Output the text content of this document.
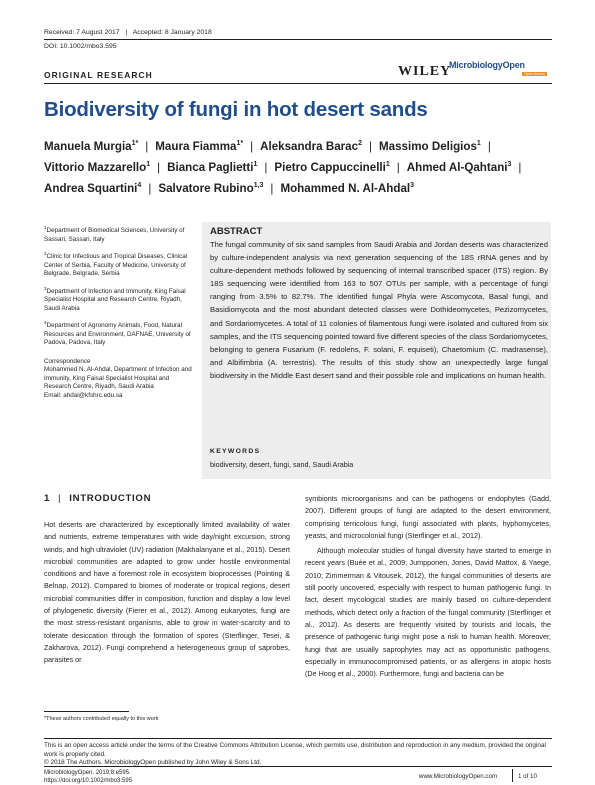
Received: 7 August 2017 | Accepted: 8 January 2018
DOI: 10.1002/mbo3.595
ORIGINAL RESEARCH	WILEY
MicrobiologyOpen
Open Access
Biodiversity of fungi in hot desert sands
Manuela Murgia$^{1*}$ | Maura Fiamma$^{1*}$ | Aleksandra Barac$^2$ | Massimo Deligios$^1$ |
Vittorio Mazzarello$^1$ | Bianca Paglietti$^1$ | Pietro Cappuccinelli$^1$ | Ahmed Al-Qahtani$^3$ |
Andrea Squartini$^4$ | Salvatore Rubino$^{1,3}$ | Mohammed N. Al-Ahdal$^3$
$^1$Department of Biomedical Sciences, University of Sassari, Sassari, Italy
$^2$Clinic for Infectious and Tropical Diseases, Clinical Center of Serbia, Faculty of Medicine, University of Belgrade, Belgrade, Serbia
$^3$Department of Infection and Immunity, King Faisal Specialist Hospital and Research Centre, Riyadh, Saudi Arabia
$^4$Department of Agronomy Animals, Food, Natural Resources and Environment, DAFNAE, University of Padova, Padova, Italy
Correspondence
Mohammed N. Al-Ahdal, Department of Infection and Immunity, King Faisal Specialist Hospital and Research Centre, Riyadh, Saudi Arabia
Email: ahdal@kfshrc.edu.sa
ABSTRACT
The fungal community of six sand samples from Saudi Arabia and Jordan deserts was characterized by culture-independent analysis via next generation sequencing of the 18S rRNA genes and by culture-dependent methods followed by sequencing of internal transcribed spacer (ITS) region. By 18S sequencing were identified from 163 to 507 OTUs per sample, with a percentage of fungi ranging from 3.5% to 82.7%. The identified fungal Phyla were Ascomycota, Basal fungi, and Basidiomycota and the most abundant detected classes were Dothideomycetes, Pezizomycetes, and Sordariomycetes. A total of 11 colonies of filamentous fungi were isolated and cultured from six samples, and the ITS sequencing pointed toward five different species of the class Sordariomycetes, belonging to genera Fusarium (F. redolens, F. solani, F. equiseti), Chaetomium (C. madrasense), and Albifimbria (A. terrestris). The results of this study show an unexpectedly large fungal biodiversity in the Middle East desert sand and their possible role and implications on human health.
KEYWORDS
biodiversity, desert, fungi, sand, Saudi Arabia
1 | INTRODUCTION

Hot deserts are characterized by exceptionally limited availability of water and nutrients, extreme temperatures with wide day/night excursion, strong winds, and high ultraviolet (UV) radiation (Makhalanyane et al., 2015). Desert microbial communities are adapted to grow under hostile environmental conditions and have a foremost role in ecosystem bioprocesses (Pointing & Belnap, 2012). Compared to biomes of moderate or tropical regions, desert microbial communities differ in composition, function and display a low level of phylogenetic diversity (Fierer et al., 2012). Among eukaryotes, fungi are the most stress-resistant organisms, able to grow in water-scarcity and to tolerate desiccation through the formation of spores (Sterflinger, Tesei, & Zakharova, 2012). Fungi comprehend a heterogeneous group of saprobes, parasites or

symbionts microorganisms and can be pathogens or endophytes (Gadd, 2007). Different groups of fungi are adapted to the desert environment, comprising terricolous fungi, fungi associated with plants, hyphomycetes, yeasts, and microcolonial fungi (Sterflinger et al., 2012).

Although molecular studies of fungal diversity have started to emerge in recent years (Buée et al., 2009; Jumpponen, Jones, David Mattox, & Yaege, 2010; Zimmerman & Vitousek, 2012), the fungal communities of deserts are still poorly uncovered, especially with respect to human pathogenic fungi. In fact, desert mycological studies are mainly based on culture-dependent methods, which detect only a fraction of the fungal community (Sterflinger et al., 2012). As deserts are frequently visited by tourists and locals, the presence of pathogenic fungi might pose a risk to human health. Moreover, fungi that are usually saprophytes may act as opportunistic pathogens, especially in immunocompromised patients, or as allergens in atopic hosts (De Hoog et al., 2000). Furthermore, fungi and bacteria can be

*These authors contributed equally to this work
This is an open access article under the terms of the Creative Commons Attribution License, which permits use, distribution and reproduction in any medium, provided the original work is properly cited.
© 2018 The Authors. MicrobiologyOpen published by John Wiley & Sons Ltd.
MicrobiologyOpen. 2019;8:e595.
https://doi.org/10.1002/mbo3.595
www.MicrobiologyOpen.com	1 of 10
